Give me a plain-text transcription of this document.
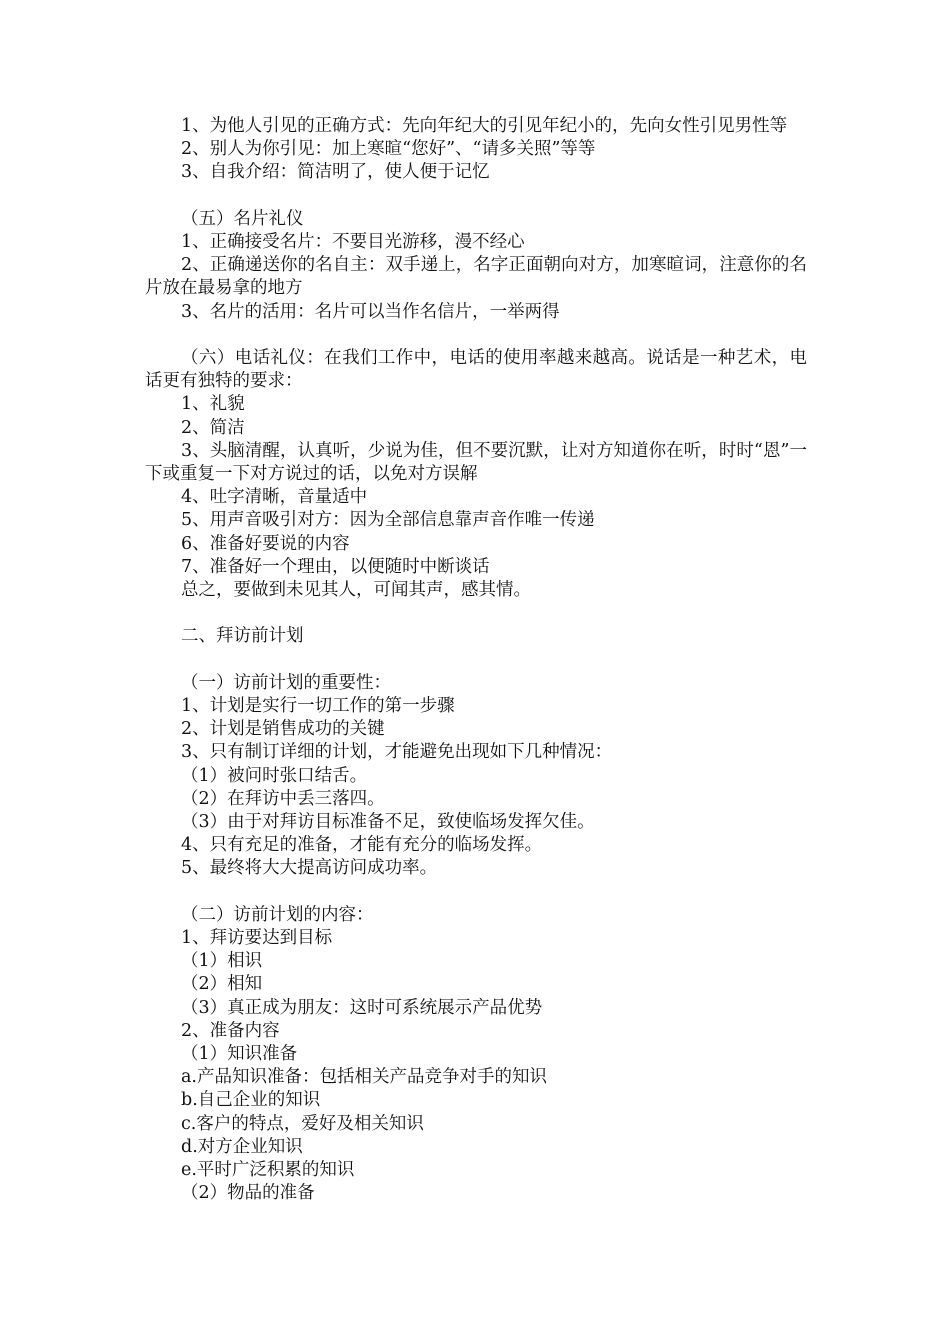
1、为他人引见的正确方式：先向年纪大的引见年纪小的，先向女性引见男性等

2、别人为你引见：加上寒暄“您好”、“请多关照”等等

3、自我介绍：简洁明了，使人便于记忆

（五）名片礼仪

1、正确接受名片：不要目光游移，漫不经心

2、正确递送你的名自主：双手递上，名字正面朝向对方，加寒暄词，注意你的名片放在最易拿的地方

3、名片的活用：名片可以当作名信片，一举两得

（六）电话礼仪：在我们工作中，电话的使用率越来越高。说话是一种艺术，电话更有独特的要求：

1、礼貌

2、简洁

3、头脑清醒，认真听，少说为佳，但不要沉默，让对方知道你在听，时时“恩”一下或重复一下对方说过的话，以免对方误解

4、吐字清晰，音量适中

5、用声音吸引对方：因为全部信息靠声音作唯一传递

6、准备好要说的内容

7、准备好一个理由，以便随时中断谈话

总之，要做到未见其人，可闻其声，感其情。

二、拜访前计划

（一）访前计划的重要性：

1、计划是实行一切工作的第一步骤

2、计划是销售成功的关键

3、只有制订详细的计划，才能避免出现如下几种情况：

（1）被问时张口结舌。

（2）在拜访中丢三落四。

（3）由于对拜访目标准备不足，致使临场发挥欠佳。

4、只有充足的准备，才能有充分的临场发挥。

5、最终将大大提高访问成功率。

（二）访前计划的内容：

1、拜访要达到目标

（1）相识

（2）相知

（3）真正成为朋友：这时可系统展示产品优势

2、准备内容

（1）知识准备

a.产品知识准备：包括相关产品竞争对手的知识

b.自己企业的知识

c.客户的特点，爱好及相关知识

d.对方企业知识

e.平时广泛积累的知识

（2）物品的准备
